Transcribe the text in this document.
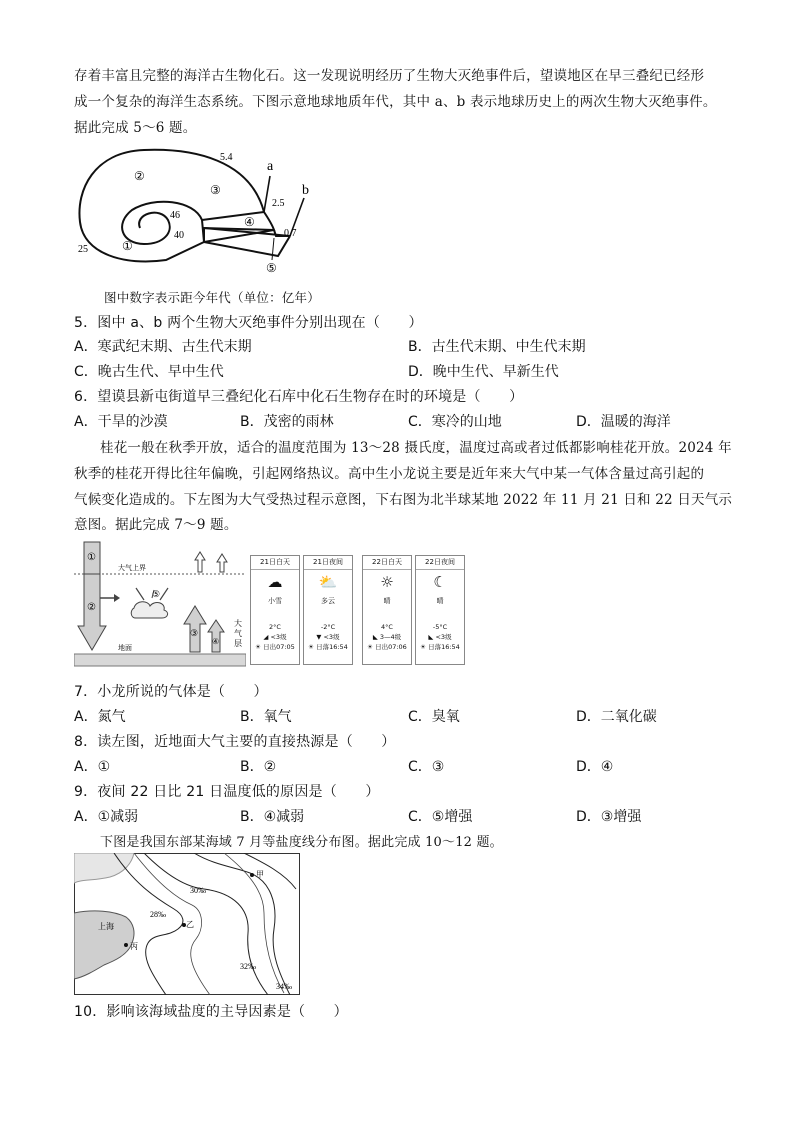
存着丰富且完整的海洋古生物化石。这一发现说明经历了生物大灭绝事件后，望谟地区在早三叠纪已经形
成一个复杂的海洋生态系统。下图示意地球地质年代，其中 a、b 表示地球历史上的两次生物大灭绝事件。
据此完成 5～6 题。
②
③
④
①
⑤
a
b
5.4
2.5
0.7
46
40
25
图中数字表示距今年代（单位：亿年）
5．图中 a、b 两个生物大灭绝事件分别出现在（　　）
A．寒武纪末期、古生代末期	B．古生代末期、中生代末期
C．晚古生代、早中生代	D．晚中生代、早新生代
6．望谟县新屯街道早三叠纪化石库中化石生物存在时的环境是（　　）
A．干旱的沙漠	B．茂密的雨林	C．寒冷的山地	D．温暖的海洋
桂花一般在秋季开放，适合的温度范围为 13～28 摄氏度，温度过高或者过低都影响桂花开放。2024 年
秋季的桂花开得比往年偏晚，引起网络热议。高中生小龙说主要是近年来大气中某一气体含量过高引起的
气候变化造成的。下左图为大气受热过程示意图，下右图为北半球某地 2022 年 11 月 21 日和 22 日天气示
意图。据此完成 7～9 题。
①
②
⑤
③
④
大气上界
地面
大
气
层
21日白天
☁
小雪
2°C
◢ <3级
☀ 日出07:05
21日夜间
⛅
多云
-2°C
▼ <3级
☀ 日落16:54
22日白天
☼
晴
4°C
◣ 3—4级
☀ 日出07:06
22日夜间
☾
晴
-5°C
◣ <3级
☀ 日落16:54
7．小龙所说的气体是（　　）
A．氮气	B．氧气	C．臭氧	D．二氧化碳
8．读左图，近地面大气主要的直接热源是（　　）
A．①	B．②	C．③	D．④
9．夜间 22 日比 21 日温度低的原因是（　　）
A．①减弱	B．④减弱	C．⑤增强	D．③增强
下图是我国东部某海域 7 月等盐度线分布图。据此完成 10～12 题。
上海
丙
乙
甲
28‰
30‰
32‰
34‰
10．影响该海域盐度的主导因素是（　　）
